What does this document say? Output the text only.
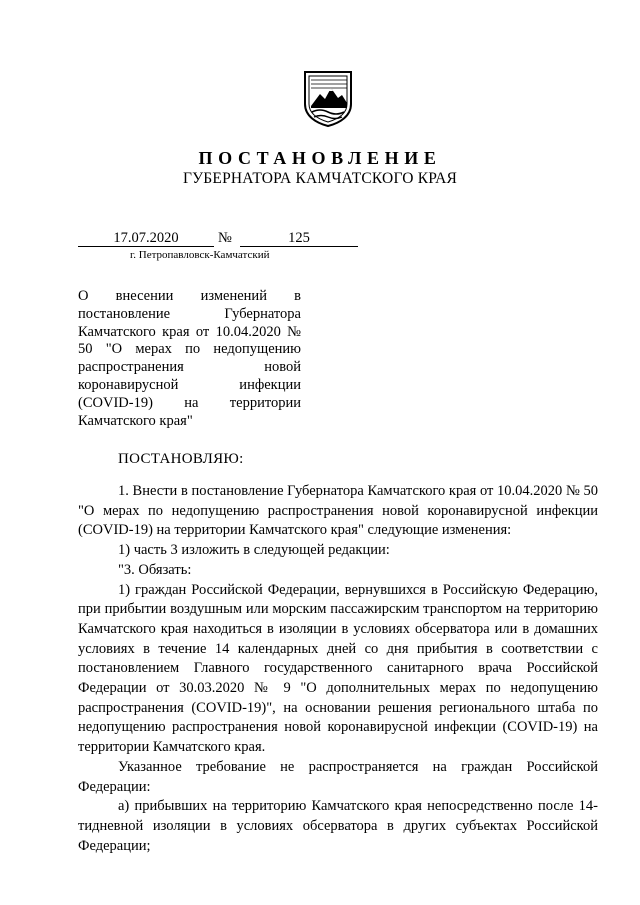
ПОСТАНОВЛЕНИЕ
ГУБЕРНАТОРА КАМЧАТСКОГО КРАЯ
17.07.2020	№	125
г. Петропавловск-Камчатский
О внесении изменений в постановление Губернатора Камчатского края от 10.04.2020 № 50 "О мерах по недопущению распространения новой коронавирусной инфекции (COVID-19) на территории Камчатского края"
ПОСТАНОВЛЯЮ:

1. Внести в постановление Губернатора Камчатского края от 10.04.2020 № 50 "О мерах по недопущению распространения новой коронавирусной инфекции (COVID-19) на территории Камчатского края" следующие изменения:

1) часть 3 изложить в следующей редакции:

"3. Обязать:

1) граждан Российской Федерации, вернувшихся в Российскую Федерацию, при прибытии воздушным или морским пассажирским транспортом на территорию Камчатского края находиться в изоляции в условиях обсерватора или в домашних условиях в течение 14 календарных дней со дня прибытия в соответствии с постановлением Главного государственного санитарного врача Российской Федерации от 30.03.2020 № 9 "О дополнительных мерах по недопущению распространения (COVID-19)", на основании решения регионального штаба по недопущению распространения новой коронавирусной инфекции (COVID-19) на территории Камчатского края.

Указанное требование не распространяется на граждан Российской Федерации:

а) прибывших на территорию Камчатского края непосредственно после 14-тидневной изоляции в условиях обсерватора в других субъектах Российской Федерации;
